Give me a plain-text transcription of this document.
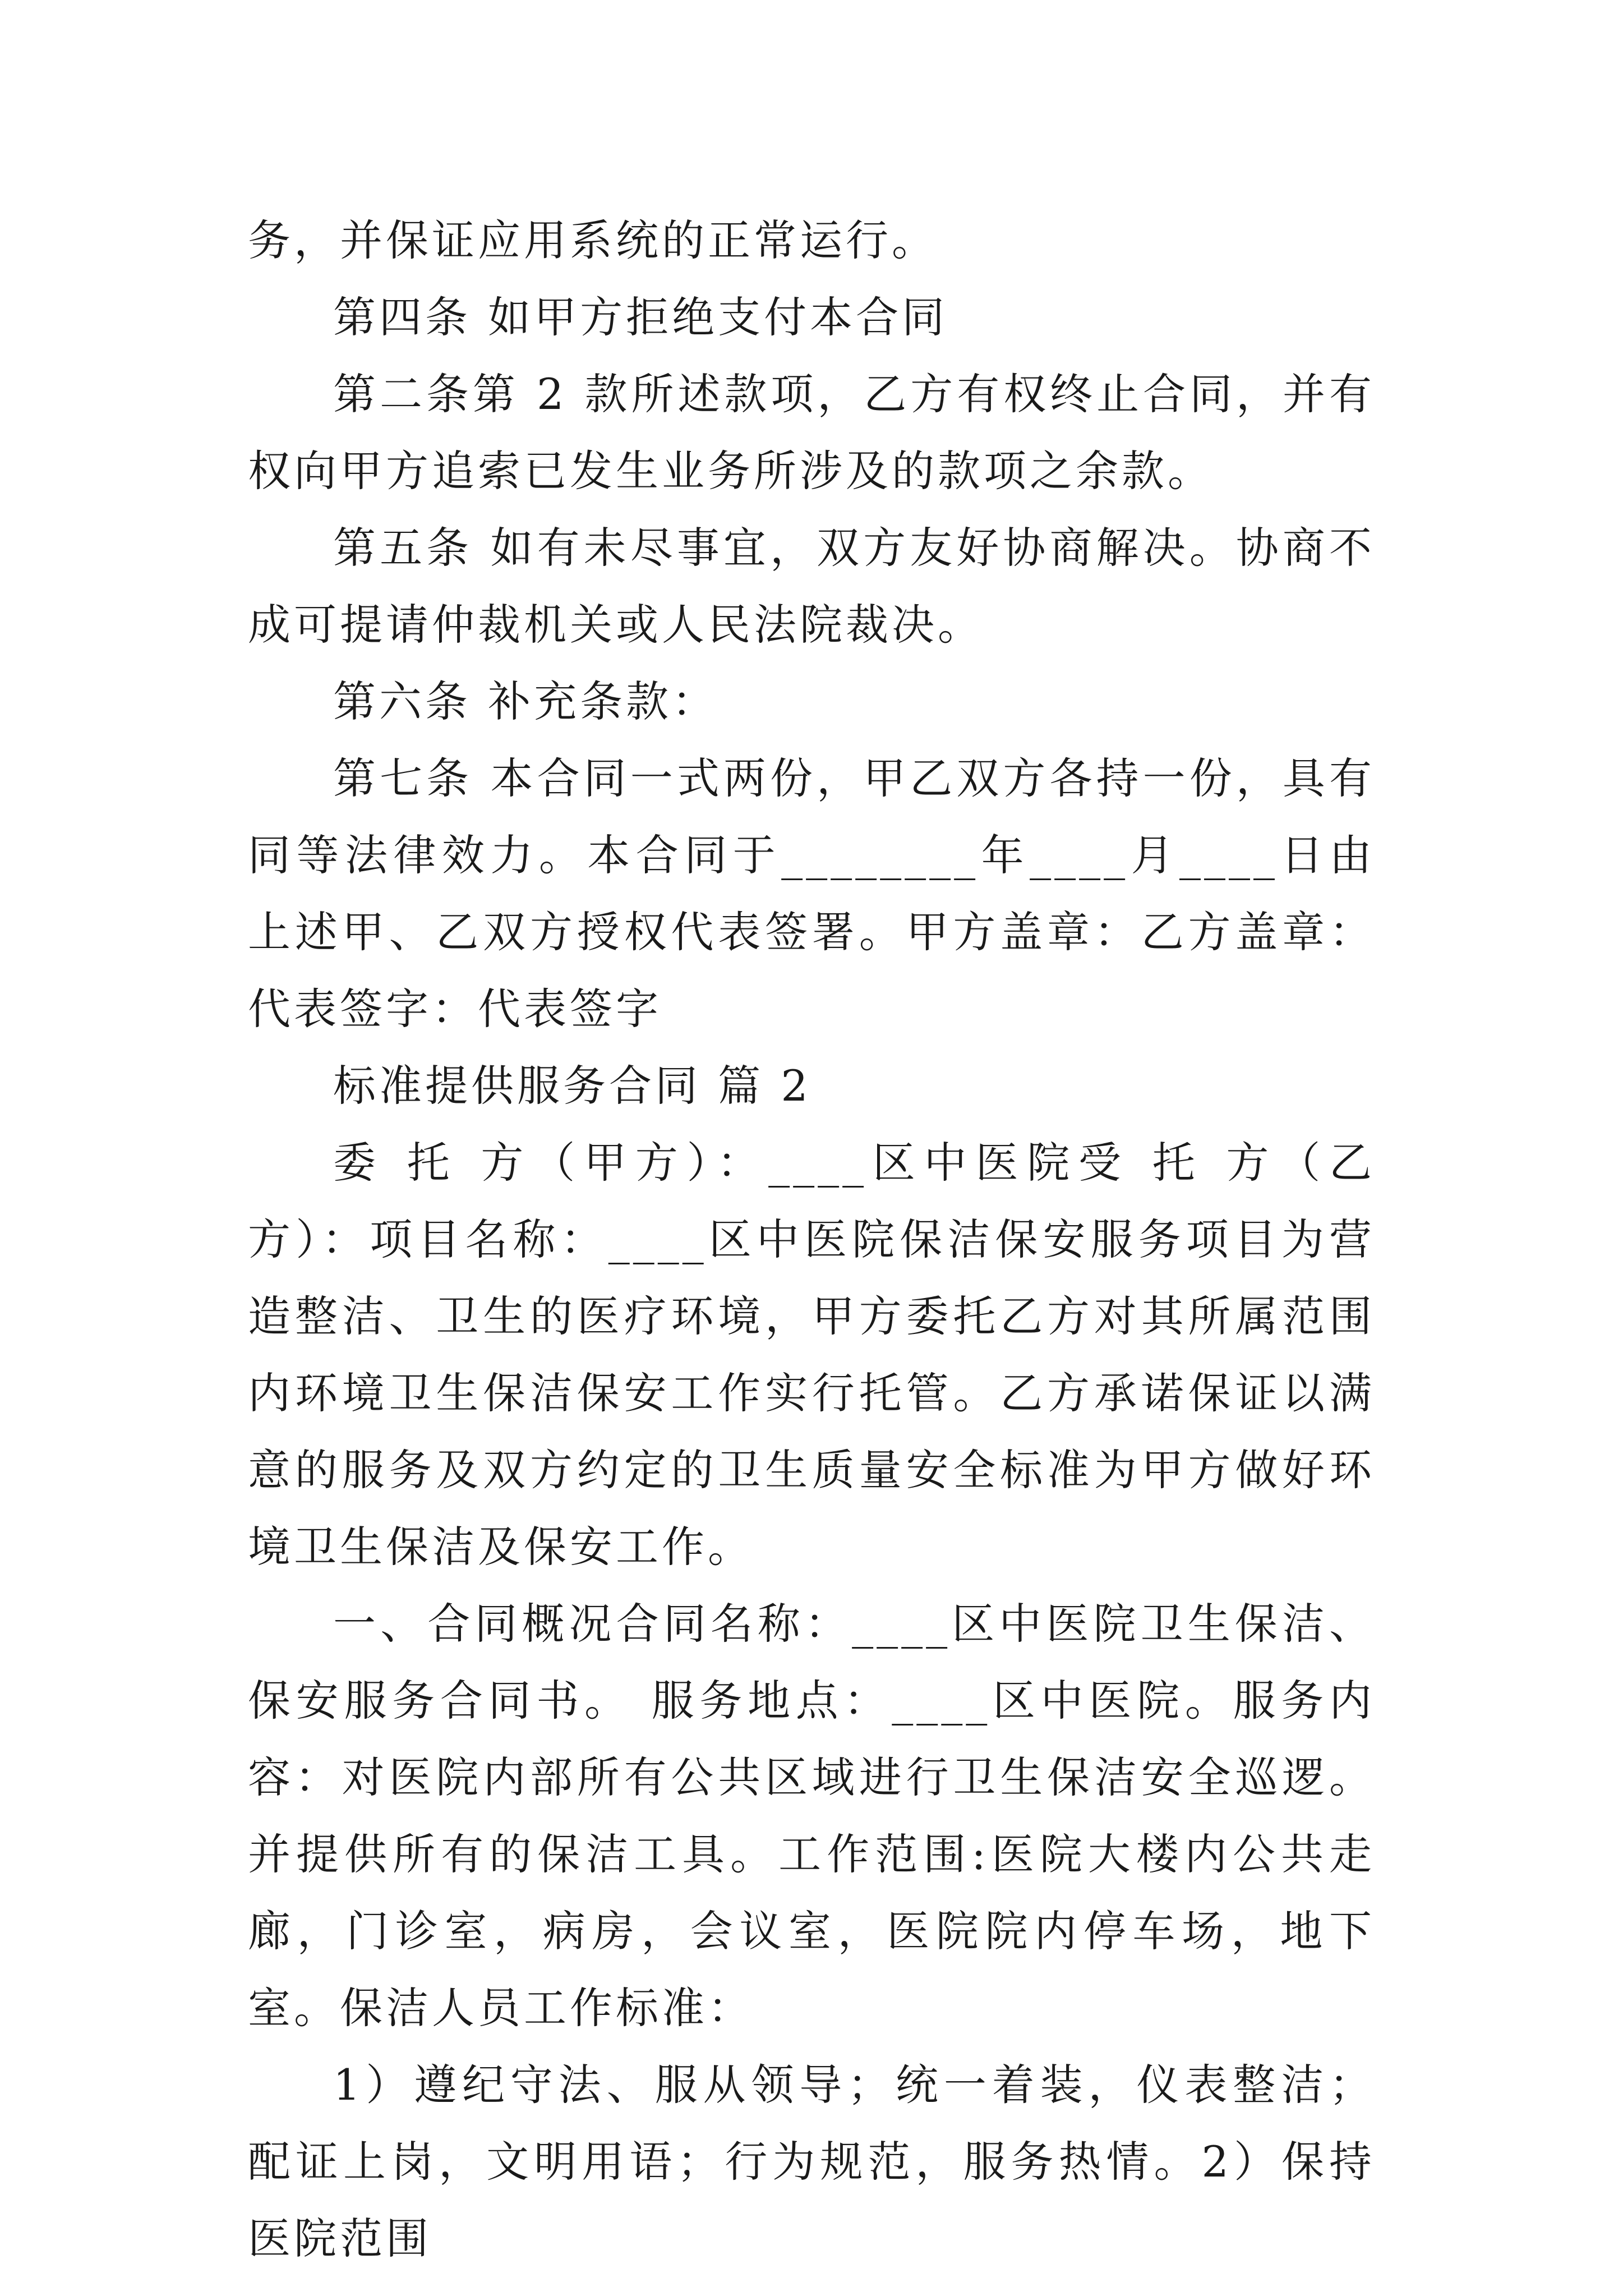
务，并保证应用系统的正常运行。

第四条 如甲方拒绝支付本合同

第二条第 2 款所述款项，乙方有权终止合同，并有权向甲方追索已发生业务所涉及的款项之余款。

第五条 如有未尽事宜，双方友好协商解决。协商不成可提请仲裁机关或人民法院裁决。

第六条 补充条款：

第七条 本合同一式两份，甲乙双方各持一份，具有同等法律效力。本合同于________年____月____日由上述甲、乙双方授权代表签署。甲方盖章：乙方盖章：代表签字：代表签字

标准提供服务合同 篇 2

委 托 方（甲方）：____区中医院受 托 方（乙方）：项目名称：____区中医院保洁保安服务项目为营造整洁、卫生的医疗环境，甲方委托乙方对其所属范围内环境卫生保洁保安工作实行托管。乙方承诺保证以满意的服务及双方约定的卫生质量安全标准为甲方做好环境卫生保洁及保安工作。

一、合同概况合同名称：____区中医院卫生保洁、保安服务合同书。 服务地点：____区中医院。服务内容：对医院内部所有公共区域进行卫生保洁安全巡逻。并提供所有的保洁工具。工作范围:医院大楼内公共走廊，门诊室，病房，会议室，医院院内停车场，地下室。保洁人员工作标准：

1）遵纪守法、服从领导；统一着装，仪表整洁；配证上岗，文明用语；行为规范，服务热情。2）保持医院范围
